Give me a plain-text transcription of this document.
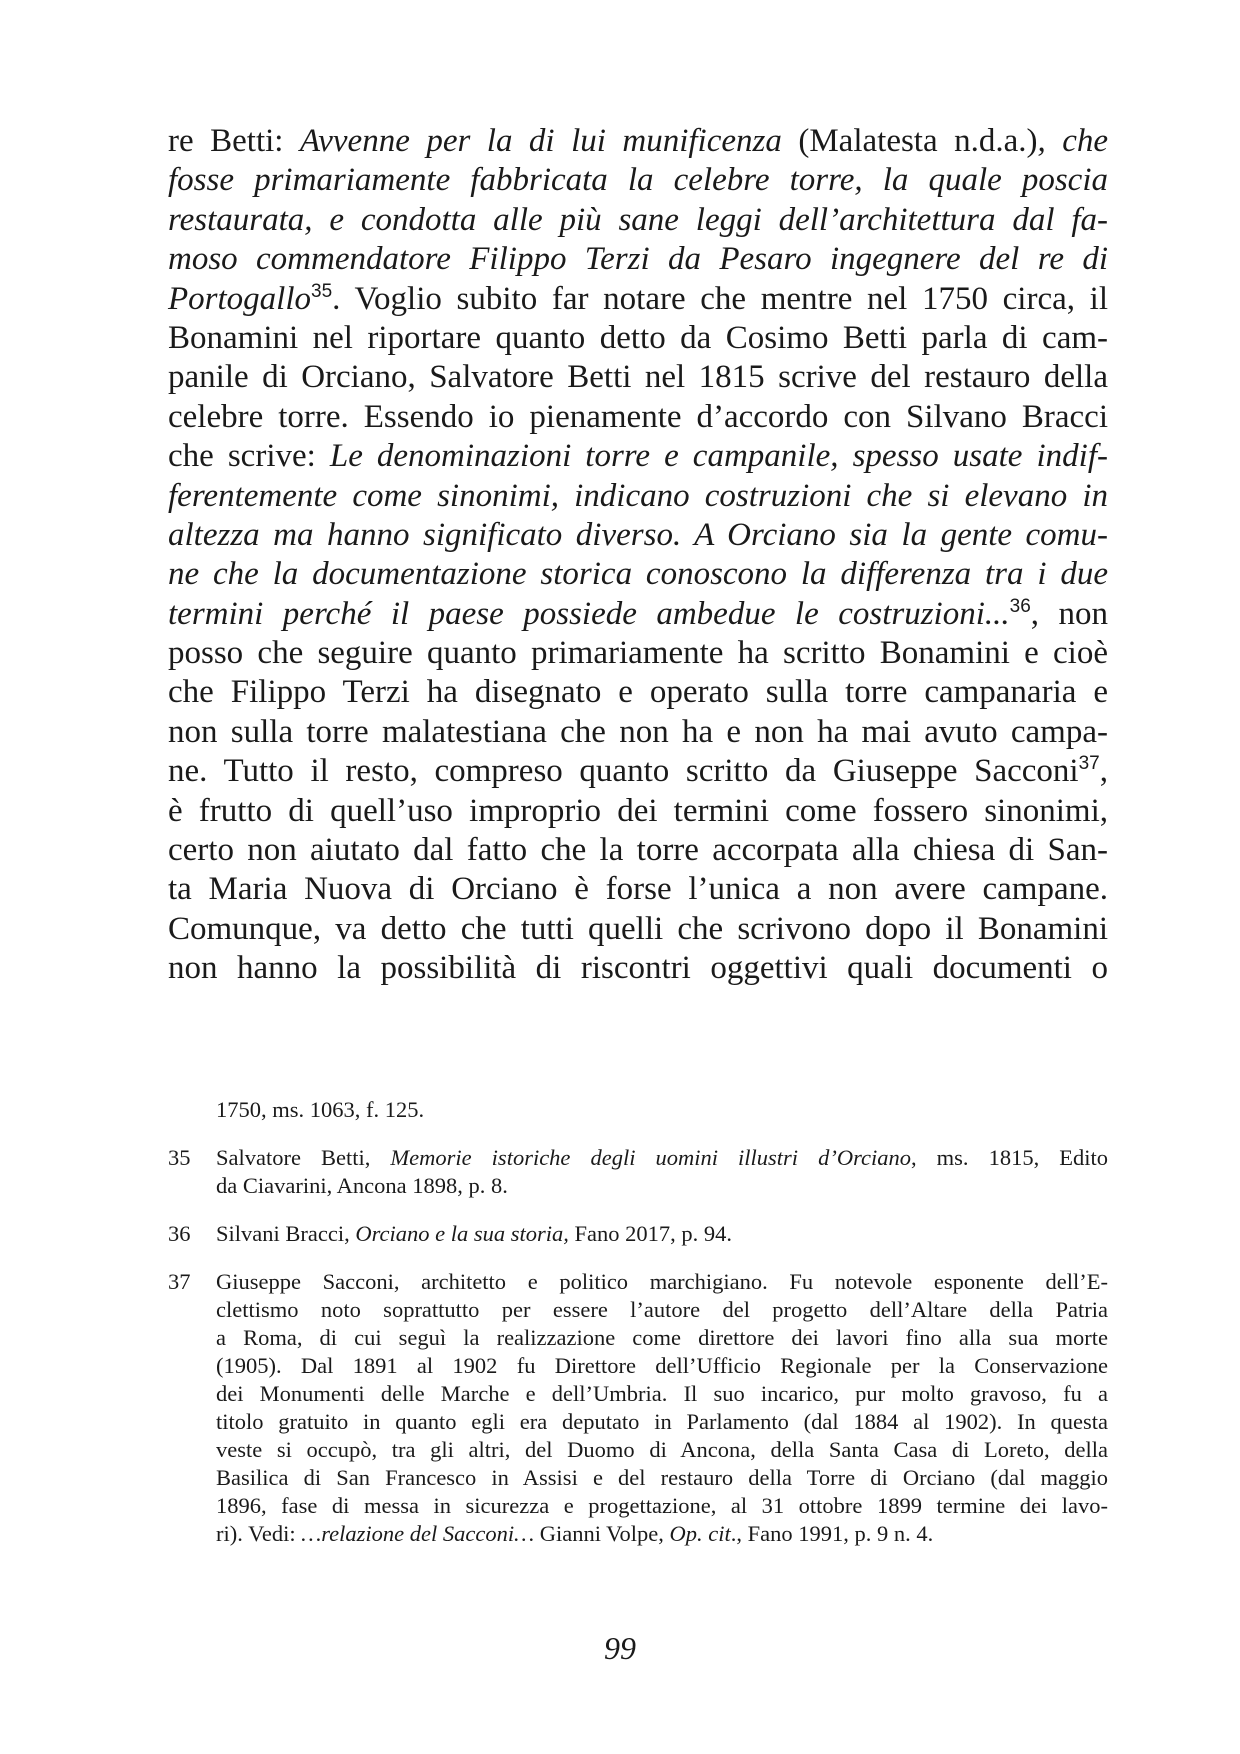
re Betti: Avvenne per la di lui munificenza (Malatesta n.d.a.), che
fosse primariamente fabbricata la celebre torre, la quale poscia
restaurata, e condotta alle più sane leggi dell’architettura dal fa-
moso commendatore Filippo Terzi da Pesaro ingegnere del re di
Portogallo$^{35}$. Voglio subito far notare che mentre nel 1750 circa, il
Bonamini nel riportare quanto detto da Cosimo Betti parla di cam-
panile di Orciano, Salvatore Betti nel 1815 scrive del restauro della
celebre torre. Essendo io pienamente d’accordo con Silvano Bracci
che scrive: Le denominazioni torre e campanile, spesso usate indif-
ferentemente come sinonimi, indicano costruzioni che si elevano in
altezza ma hanno significato diverso. A Orciano sia la gente comu-
ne che la documentazione storica conoscono la differenza tra i due
termini perché il paese possiede ambedue le costruzioni...$^{36}$, non
posso che seguire quanto primariamente ha scritto Bonamini e cioè
che Filippo Terzi ha disegnato e operato sulla torre campanaria e
non sulla torre malatestiana che non ha e non ha mai avuto campa-
ne. Tutto il resto, compreso quanto scritto da Giuseppe Sacconi$^{37}$,
è frutto di quell’uso improprio dei termini come fossero sinonimi,
certo non aiutato dal fatto che la torre accorpata alla chiesa di San-
ta Maria Nuova di Orciano è forse l’unica a non avere campane.
Comunque, va detto che tutti quelli che scrivono dopo il Bonamini
non hanno la possibilità di riscontri oggettivi quali documenti o
1750, ms. 1063, f. 125.
35 Salvatore Betti, Memorie istoriche degli uomini illustri d’Orciano, ms. 1815, Edito
da Ciavarini, Ancona 1898, p. 8.
36 Silvani Bracci, Orciano e la sua storia, Fano 2017, p. 94.
37 Giuseppe Sacconi, architetto e politico marchigiano. Fu notevole esponente dell’E-
clettismo noto soprattutto per essere l’autore del progetto dell’Altare della Patria
a Roma, di cui seguì la realizzazione come direttore dei lavori fino alla sua morte
(1905). Dal 1891 al 1902 fu Direttore dell’Ufficio Regionale per la Conservazione
dei Monumenti delle Marche e dell’Umbria. Il suo incarico, pur molto gravoso, fu a
titolo gratuito in quanto egli era deputato in Parlamento (dal 1884 al 1902). In questa
veste si occupò, tra gli altri, del Duomo di Ancona, della Santa Casa di Loreto, della
Basilica di San Francesco in Assisi e del restauro della Torre di Orciano (dal maggio
1896, fase di messa in sicurezza e progettazione, al 31 ottobre 1899 termine dei lavo-
ri). Vedi: …relazione del Sacconi… Gianni Volpe, Op. cit., Fano 1991, p. 9 n. 4.
99
